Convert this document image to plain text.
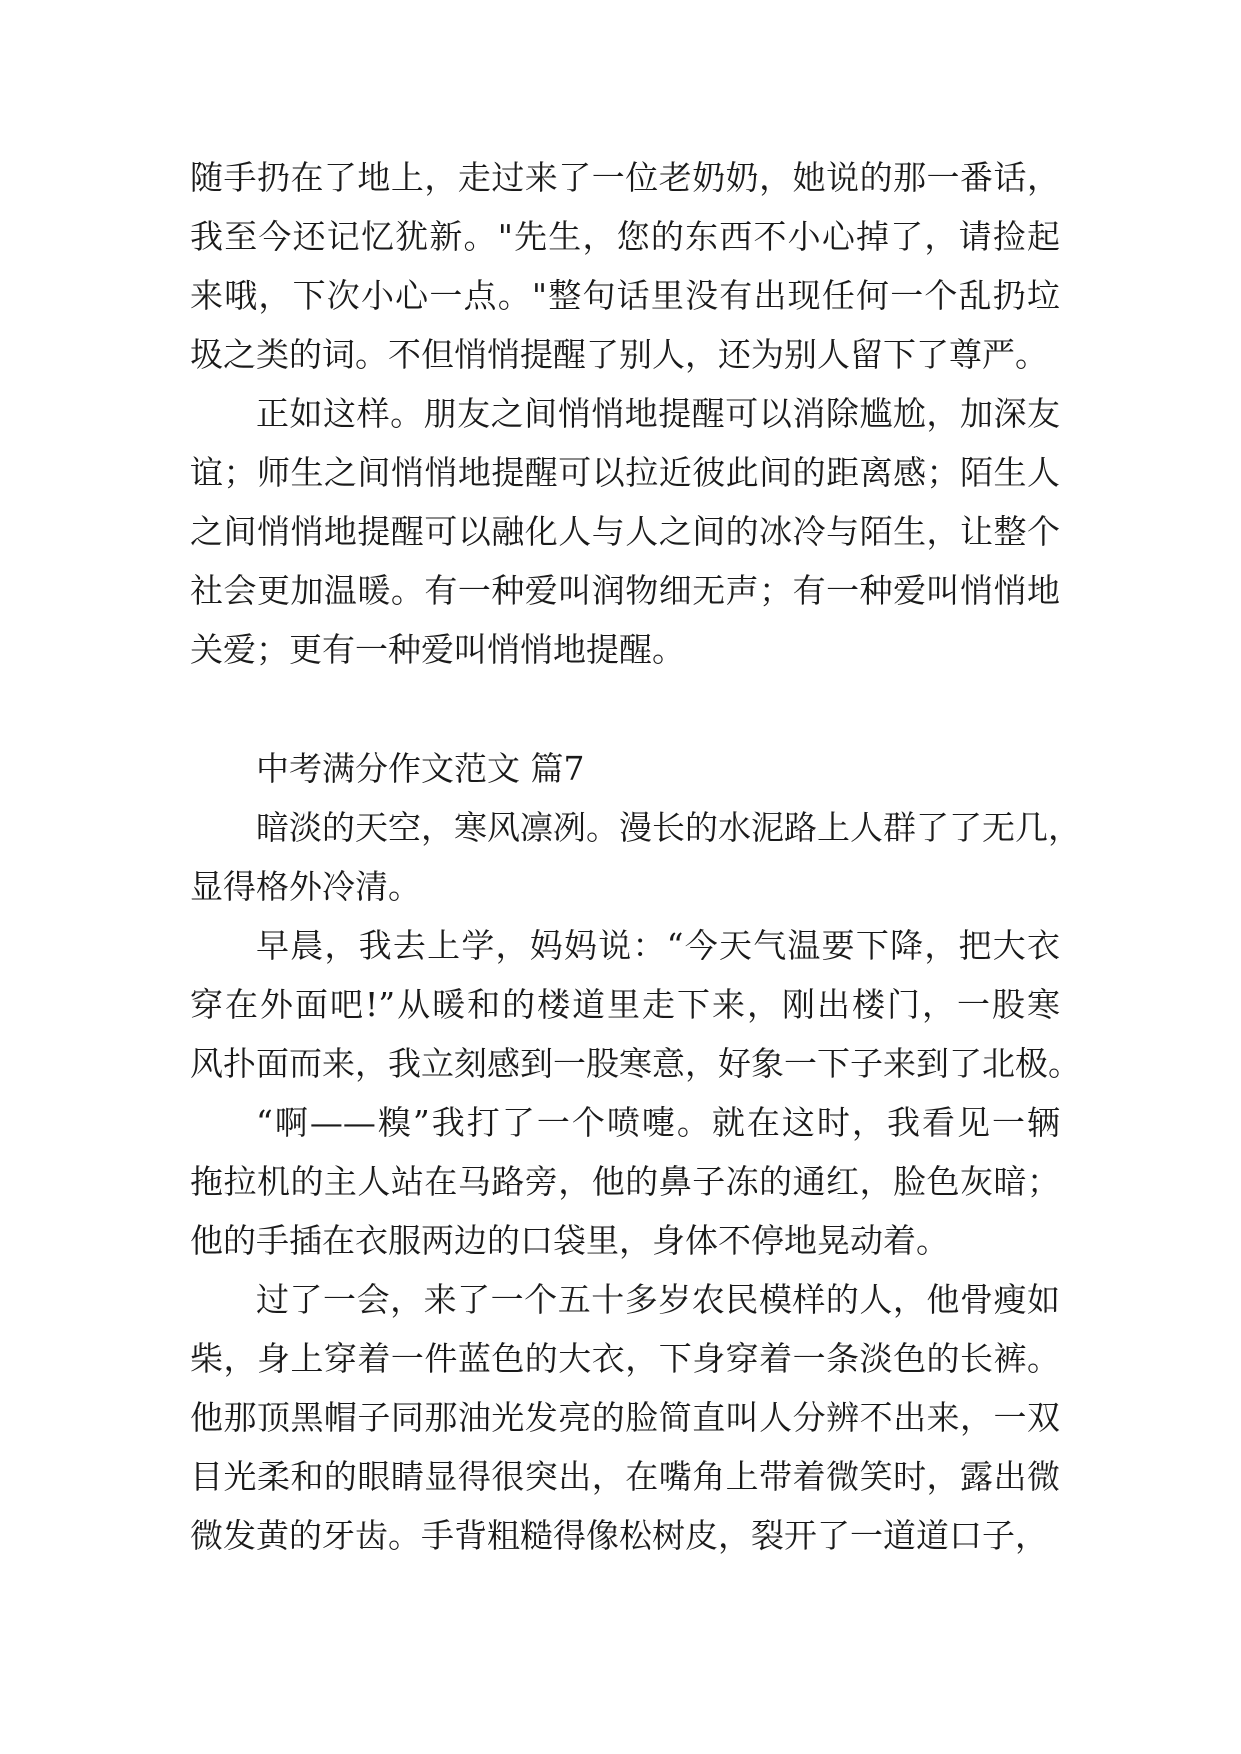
随手扔在了地上，走过来了一位老奶奶，她说的那一番话，
我至今还记忆犹新。"先生，您的东西不小心掉了，请捡起
来哦，下次小心一点。"整句话里没有出现任何一个乱扔垃
圾之类的词。不但悄悄提醒了别人，还为别人留下了尊严。
正如这样。朋友之间悄悄地提醒可以消除尴尬，加深友
谊；师生之间悄悄地提醒可以拉近彼此间的距离感；陌生人
之间悄悄地提醒可以融化人与人之间的冰冷与陌生，让整个
社会更加温暖。有一种爱叫润物细无声；有一种爱叫悄悄地
关爱；更有一种爱叫悄悄地提醒。
中考满分作文范文 篇7
暗淡的天空，寒风凛冽。漫长的水泥路上人群了了无几，
显得格外冷清。
早晨，我去上学，妈妈说：“今天气温要下降，把大衣
穿在外面吧!”从暖和的楼道里走下来，刚出楼门，一股寒
风扑面而来，我立刻感到一股寒意，好象一下子来到了北极。
“啊——糗”我打了一个喷嚏。就在这时，我看见一辆
拖拉机的主人站在马路旁，他的鼻子冻的通红，脸色灰暗；
他的手插在衣服两边的口袋里，身体不停地晃动着。
过了一会，来了一个五十多岁农民模样的人，他骨瘦如
柴，身上穿着一件蓝色的大衣，下身穿着一条淡色的长裤。
他那顶黑帽子同那油光发亮的脸简直叫人分辨不出来，一双
目光柔和的眼睛显得很突出，在嘴角上带着微笑时，露出微
微发黄的牙齿。手背粗糙得像松树皮，裂开了一道道口子，
